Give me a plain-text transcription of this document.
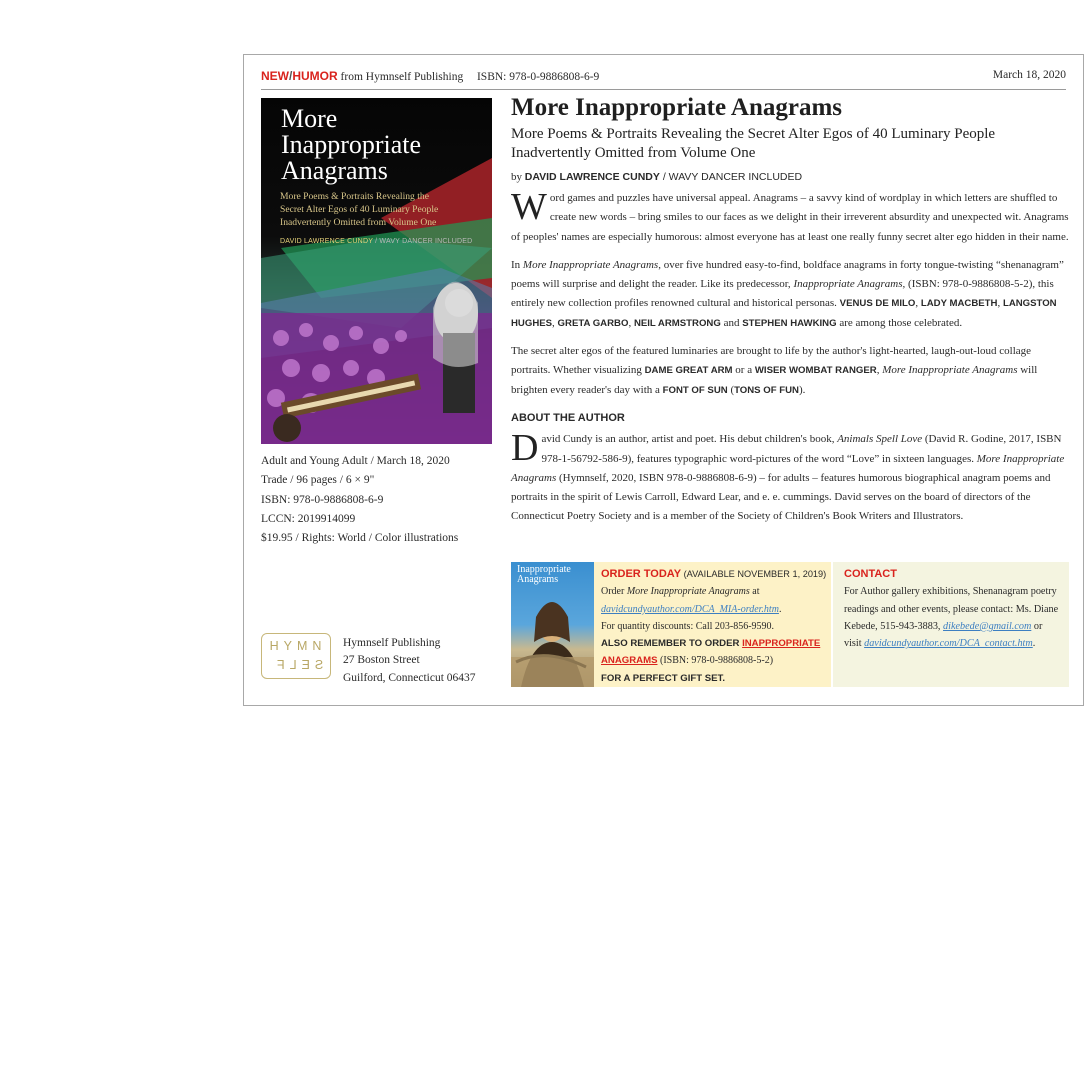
NEW/HUMOR from Hymnself Publishing ISBN: 978-0-9886808-6-9	March 18, 2020
More
Inappropriate
Anagrams
More Poems & Portraits Revealing the Secret Alter Egos of 40 Luminary People Inadvertently Omitted from Volume One
DAVID LAWRENCE CUNDY / WAVY DANCER INCLUDED
Adult and Young Adult / March 18, 2020
Trade / 96 pages / 6 × 9"
ISBN: 978-0-9886808-6-9
LCCN: 2019914099
$19.95 / Rights: World / Color illustrations
HYMN
SELF
Hymnself Publishing
27 Boston Street
Guilford, Connecticut 06437
More Inappropriate Anagrams
More Poems & Portraits Revealing the Secret Alter Egos of 40 Luminary People Inadvertently Omitted from Volume One
by DAVID LAWRENCE CUNDY / WAVY DANCER INCLUDED

Word games and puzzles have universal appeal. Anagrams – a savvy kind of wordplay in which letters are shuffled to create new words – bring smiles to our faces as we delight in their irreverent absurdity and unexpected wit. Anagrams of peoples' names are especially humorous: almost everyone has at least one really funny secret alter ego hidden in their name.

In More Inappropriate Anagrams, over five hundred easy-to-find, boldface anagrams in forty tongue-twisting “shenanagram” poems will surprise and delight the reader. Like its predecessor, Inappropriate Anagrams, (ISBN: 978-0-9886808-5-2), this entirely new collection profiles renowned cultural and historical personas. VENUS DE MILO, LADY MACBETH, LANGSTON HUGHES, GRETA GARBO, NEIL ARMSTRONG and STEPHEN HAWKING are among those celebrated.

The secret alter egos of the featured luminaries are brought to life by the author's light-hearted, laugh-out-loud collage portraits. Whether visualizing DAME GREAT ARM or a WISER WOMBAT RANGER, More Inappropriate Anagrams will brighten every reader's day with a FONT OF SUN (TONS OF FUN).

ABOUT THE AUTHOR

David Cundy is an author, artist and poet. His debut children's book, Animals Spell Love (David R. Godine, 2017, ISBN 978-1-56792-586-9), features typographic word-pictures of the word “Love” in sixteen languages. More Inappropriate Anagrams (Hymnself, 2020, ISBN 978-0-9886808-6-9) – for adults – features humorous biographical anagram poems and portraits in the spirit of Lewis Carroll, Edward Lear, and e. e. cummings. David serves on the board of directors of the Connecticut Poetry Society and is a member of the Society of Children's Book Writers and Illustrators.

Inappropriate
Anagrams	ORDER TODAY (AVAILABLE NOVEMBER 1, 2019)
Order More Inappropriate Anagrams at
davidcundyauthor.com/DCA_MIA-order.htm.
For quantity discounts: Call 203-856-9590.
ALSO REMEMBER TO ORDER INAPPROPRIATE ANAGRAMS (ISBN: 978-0-9886808-5-2)
FOR A PERFECT GIFT SET.
CONTACT
For Author gallery exhibitions, Shenanagram poetry readings and other events, please contact: Ms. Diane Kebede, 515-943-3883, dikebede@gmail.com or visit davidcundyauthor.com/DCA_contact.htm.
